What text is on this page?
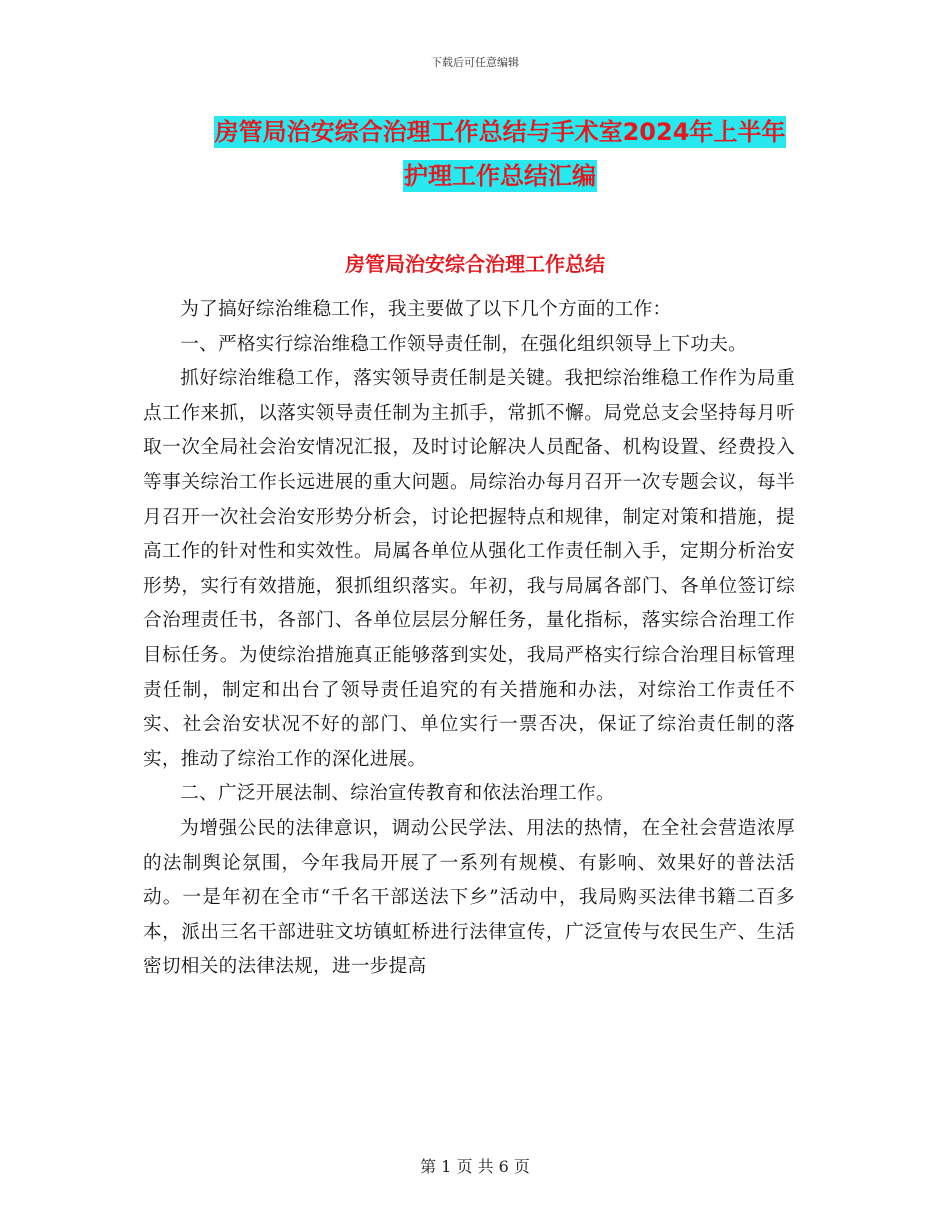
下载后可任意编辑
房管局治安综合治理工作总结与手术室2024年上半年
护理工作总结汇编
房管局治安综合治理工作总结

为了搞好综治维稳工作，我主要做了以下几个方面的工作：

一、严格实行综治维稳工作领导责任制，在强化组织领导上下功夫。

抓好综治维稳工作，落实领导责任制是关键。我把综治维稳工作作为局重点工作来抓，以落实领导责任制为主抓手，常抓不懈。局党总支会坚持每月听取一次全局社会治安情况汇报，及时讨论解决人员配备、机构设置、经费投入等事关综治工作长远进展的重大问题。局综治办每月召开一次专题会议，每半月召开一次社会治安形势分析会，讨论把握特点和规律，制定对策和措施，提高工作的针对性和实效性。局属各单位从强化工作责任制入手，定期分析治安形势，实行有效措施，狠抓组织落实。年初，我与局属各部门、各单位签订综合治理责任书，各部门、各单位层层分解任务，量化指标，落实综合治理工作目标任务。为使综治措施真正能够落到实处，我局严格实行综合治理目标管理责任制，制定和出台了领导责任追究的有关措施和办法，对综治工作责任不实、社会治安状况不好的部门、单位实行一票否决，保证了综治责任制的落实，推动了综治工作的深化进展。

二、广泛开展法制、综治宣传教育和依法治理工作。

为增强公民的法律意识，调动公民学法、用法的热情，在全社会营造浓厚的法制舆论氛围，今年我局开展了一系列有规模、有影响、效果好的普法活动。一是年初在全市“千名干部送法下乡”活动中，我局购买法律书籍二百多本，派出三名干部进驻文坊镇虹桥进行法律宣传，广泛宣传与农民生产、生活密切相关的法律法规，进一步提高

第 1 页 共 6 页
